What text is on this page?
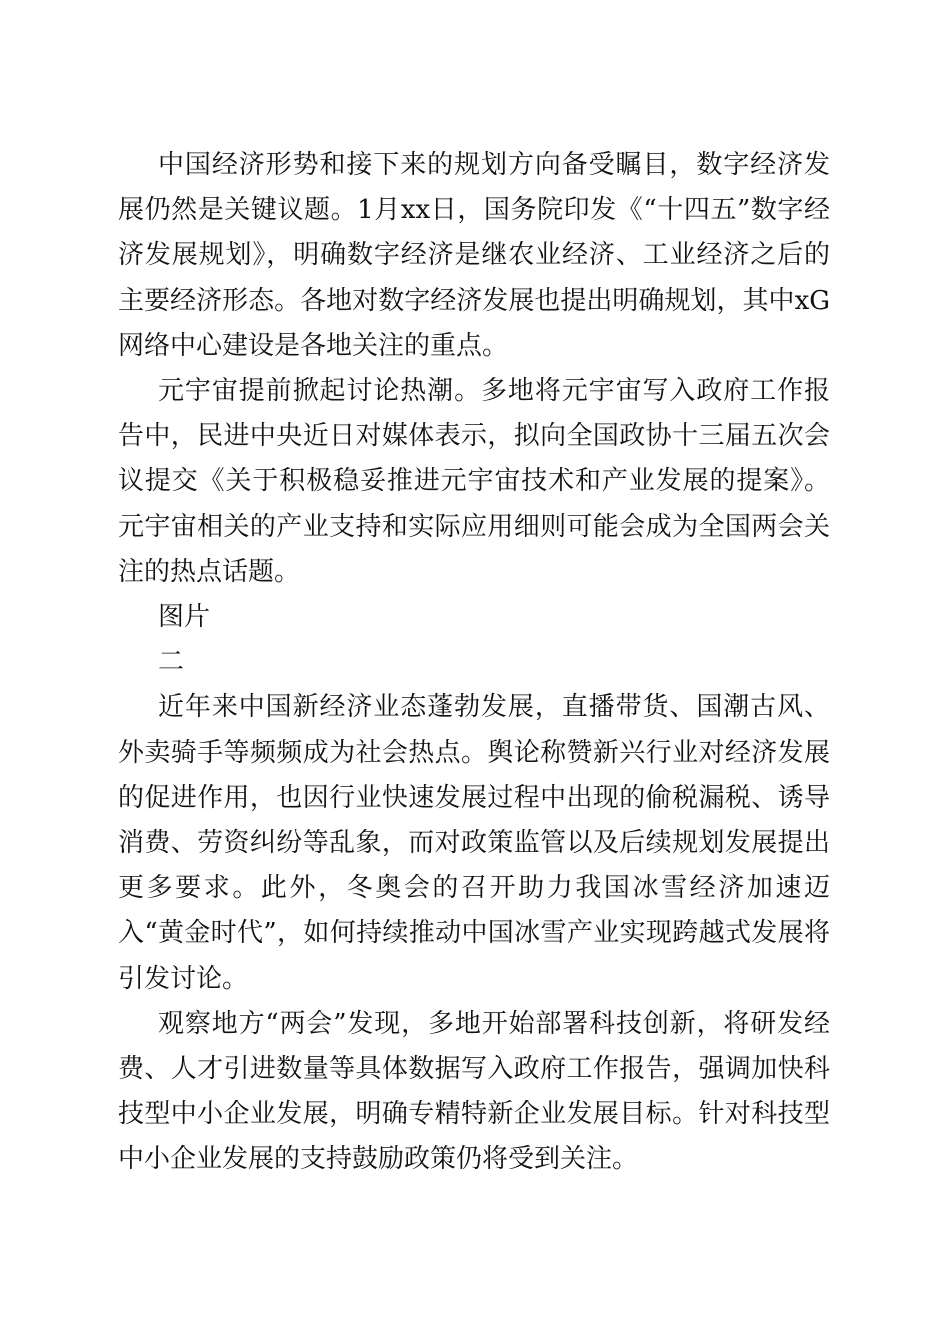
中国经济形势和接下来的规划方向备受瞩目，数字经济发展仍然是关键议题。1月xx日，国务院印发《“十四五”数字经济发展规划》，明确数字经济是继农业经济、工业经济之后的主要经济形态。各地对数字经济发展也提出明确规划，其中xG网络中心建设是各地关注的重点。

元宇宙提前掀起讨论热潮。多地将元宇宙写入政府工作报告中，民进中央近日对媒体表示，拟向全国政协十三届五次会议提交《关于积极稳妥推进元宇宙技术和产业发展的提案》。元宇宙相关的产业支持和实际应用细则可能会成为全国两会关注的热点话题。

图片

二

近年来中国新经济业态蓬勃发展，直播带货、国潮古风、外卖骑手等频频成为社会热点。舆论称赞新兴行业对经济发展的促进作用，也因行业快速发展过程中出现的偷税漏税、诱导消费、劳资纠纷等乱象，而对政策监管以及后续规划发展提出更多要求。此外，冬奥会的召开助力我国冰雪经济加速迈入“黄金时代”，如何持续推动中国冰雪产业实现跨越式发展将引发讨论。

观察地方“两会”发现，多地开始部署科技创新，将研发经费、人才引进数量等具体数据写入政府工作报告，强调加快科技型中小企业发展，明确专精特新企业发展目标。针对科技型中小企业发展的支持鼓励政策仍将受到关注。
